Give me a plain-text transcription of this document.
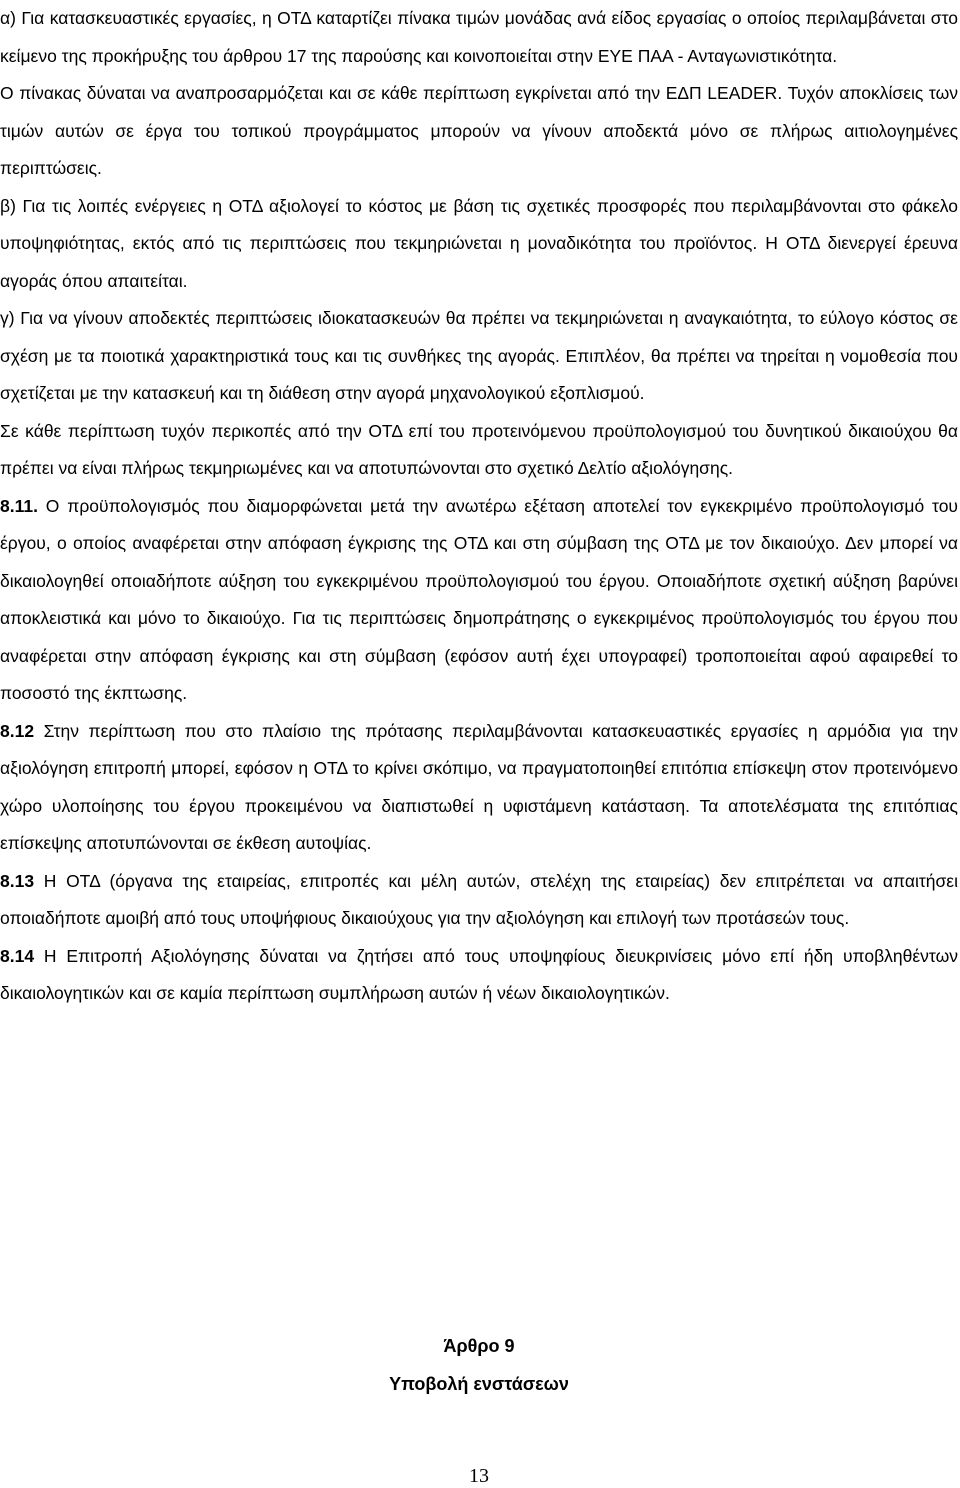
α) Για κατασκευαστικές εργασίες, η ΟΤΔ καταρτίζει πίνακα τιμών μονάδας ανά είδος εργασίας ο οποίος περιλαμβάνεται στο κείμενο της προκήρυξης του άρθρου 17 της παρούσης και κοινοποιείται στην ΕΥΕ ΠΑΑ - Ανταγωνιστικότητα.

Ο πίνακας δύναται να αναπροσαρμόζεται και σε κάθε περίπτωση εγκρίνεται από την ΕΔΠ LEADER. Τυχόν αποκλίσεις των τιμών αυτών σε έργα του τοπικού προγράμματος μπορούν να γίνουν αποδεκτά μόνο σε πλήρως αιτιολογημένες περιπτώσεις.

β) Για τις λοιπές ενέργειες η ΟΤΔ αξιολογεί το κόστος με βάση τις σχετικές προσφορές που περιλαμβάνονται στο φάκελο υποψηφιότητας, εκτός από τις περιπτώσεις που τεκμηριώνεται η μοναδικότητα του προϊόντος. Η ΟΤΔ διενεργεί έρευνα αγοράς όπου απαιτείται.

γ) Για να γίνουν αποδεκτές περιπτώσεις ιδιοκατασκευών θα πρέπει να τεκμηριώνεται η αναγκαιότητα, το εύλογο κόστος σε σχέση με τα ποιοτικά χαρακτηριστικά τους και τις συνθήκες της αγοράς. Επιπλέον, θα πρέπει να τηρείται η νομοθεσία που σχετίζεται με την κατασκευή και τη διάθεση στην αγορά μηχανολογικού εξοπλισμού.

Σε κάθε περίπτωση τυχόν περικοπές από την ΟΤΔ επί του προτεινόμενου προϋπολογισμού του δυνητικού δικαιούχου θα πρέπει να είναι πλήρως τεκμηριωμένες και να αποτυπώνονται στο σχετικό Δελτίο αξιολόγησης.

8.11. Ο προϋπολογισμός που διαμορφώνεται μετά την ανωτέρω εξέταση αποτελεί τον εγκεκριμένο προϋπολογισμό του έργου, ο οποίος αναφέρεται στην απόφαση έγκρισης της ΟΤΔ και στη σύμβαση της ΟΤΔ με τον δικαιούχο. Δεν μπορεί να δικαιολογηθεί οποιαδήποτε αύξηση του εγκεκριμένου προϋπολογισμού του έργου. Οποιαδήποτε σχετική αύξηση βαρύνει αποκλειστικά και μόνο το δικαιούχο. Για τις περιπτώσεις δημοπράτησης ο εγκεκριμένος προϋπολογισμός του έργου που αναφέρεται στην απόφαση έγκρισης και στη σύμβαση (εφόσον αυτή έχει υπογραφεί) τροποποιείται αφού αφαιρεθεί το ποσοστό της έκπτωσης.

8.12 Στην περίπτωση που στο πλαίσιο της πρότασης περιλαμβάνονται κατασκευαστικές εργασίες η αρμόδια για την αξιολόγηση επιτροπή μπορεί, εφόσον η ΟΤΔ το κρίνει σκόπιμο, να πραγματοποιηθεί επιτόπια επίσκεψη στον προτεινόμενο χώρο υλοποίησης του έργου προκειμένου να διαπιστωθεί η υφιστάμενη κατάσταση. Τα αποτελέσματα της επιτόπιας επίσκεψης αποτυπώνονται σε έκθεση αυτοψίας.

8.13 Η ΟΤΔ (όργανα της εταιρείας, επιτροπές και μέλη αυτών, στελέχη της εταιρείας) δεν επιτρέπεται να απαιτήσει οποιαδήποτε αμοιβή από τους υποψήφιους δικαιούχους για την αξιολόγηση και επιλογή των προτάσεών τους.

8.14 Η Επιτροπή Αξιολόγησης δύναται να ζητήσει από τους υποψηφίους διευκρινίσεις μόνο επί ήδη υποβληθέντων δικαιολογητικών και σε καμία περίπτωση συμπλήρωση αυτών ή νέων δικαιολογητικών.

Άρθρο 9
Υποβολή ενστάσεων
13
